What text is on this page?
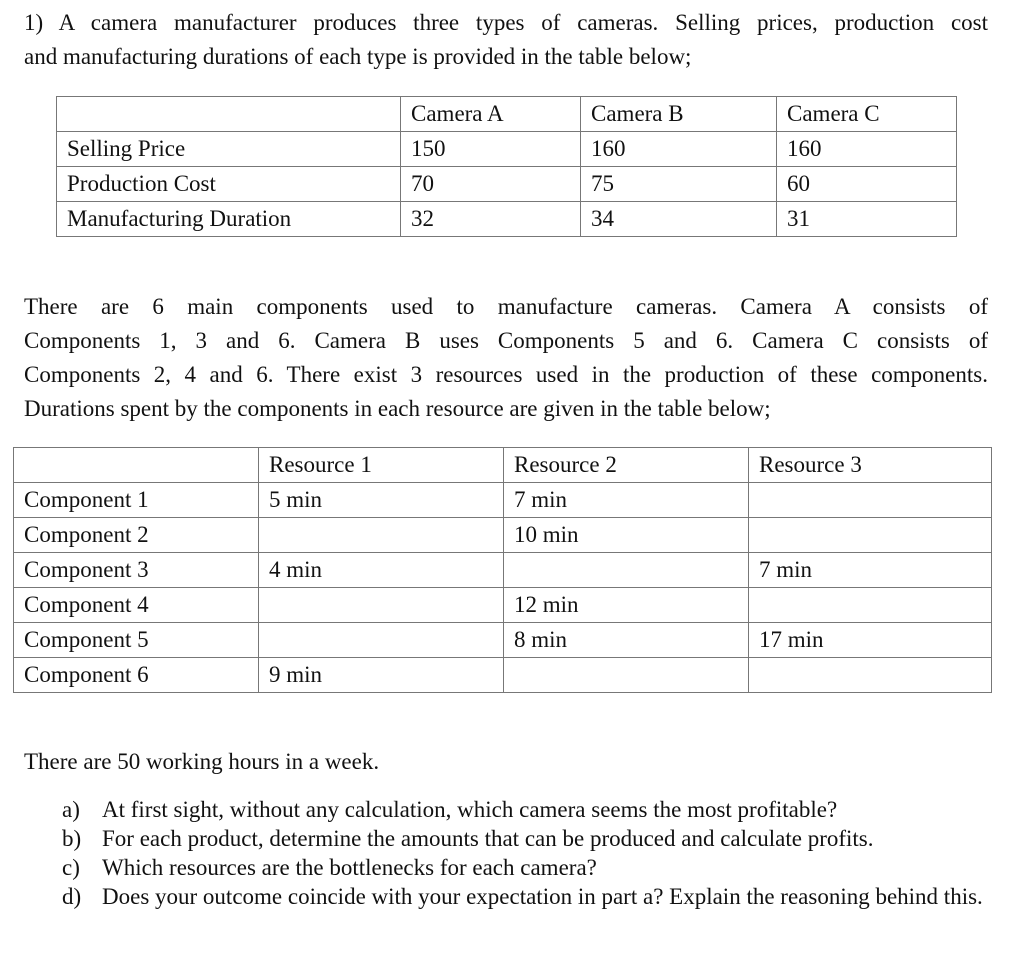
1) A camera manufacturer produces three types of cameras. Selling prices, production cost
and manufacturing durations of each type is provided in the table below;

	Camera A	Camera B	Camera C
Selling Price	150	160	160
Production Cost	70	75	60
Manufacturing Duration	32	34	31

There are 6 main components used to manufacture cameras. Camera A consists of
Components 1, 3 and 6. Camera B uses Components 5 and 6. Camera C consists of
Components 2, 4 and 6. There exist 3 resources used in the production of these components.
Durations spent by the components in each resource are given in the table below;

	Resource 1	Resource 2	Resource 3
Component 1	5 min	7 min	
Component 2		10 min	
Component 3	4 min		7 min
Component 4		12 min	
Component 5		8 min	17 min
Component 6	9 min		

There are 50 working hours in a week.

a) At first sight, without any calculation, which camera seems the most profitable?
b) For each product, determine the amounts that can be produced and calculate profits.
c) Which resources are the bottlenecks for each camera?
d) Does your outcome coincide with your expectation in part a? Explain the reasoning behind this.
